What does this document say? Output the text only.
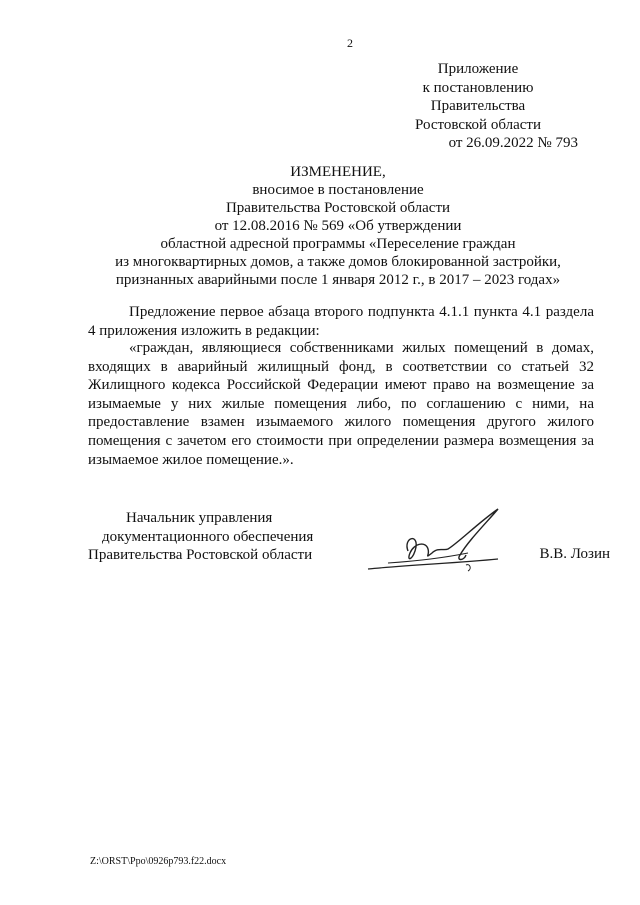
2
Приложение
к постановлению
Правительства
Ростовской области
от 26.09.2022 № 793
ИЗМЕНЕНИЕ,
вносимое в постановление
Правительства Ростовской области
от 12.08.2016 № 569 «Об утверждении
областной адресной программы «Переселение граждан
из многоквартирных домов, а также домов блокированной застройки,
признанных аварийными после 1 января 2012 г., в 2017 – 2023 годах»
Предложение первое абзаца второго подпункта 4.1.1 пункта 4.1 раздела 4 приложения изложить в редакции:
«граждан, являющиеся собственниками жилых помещений в домах, входящих в аварийный жилищный фонд, в соответствии со статьей 32 Жилищного кодекса Российской Федерации имеют право на возмещение за изымаемые у них жилые помещения либо, по соглашению с ними, на предоставление взамен изымаемого жилого помещения другого жилого помещения с зачетом его стоимости при определении размера возмещения за изымаемое жилое помещение.».
Начальник управления
документационного обеспечения
Правительства Ростовской области	В.В. Лозин
Z:\ORST\Ppo\0926p793.f22.docx
